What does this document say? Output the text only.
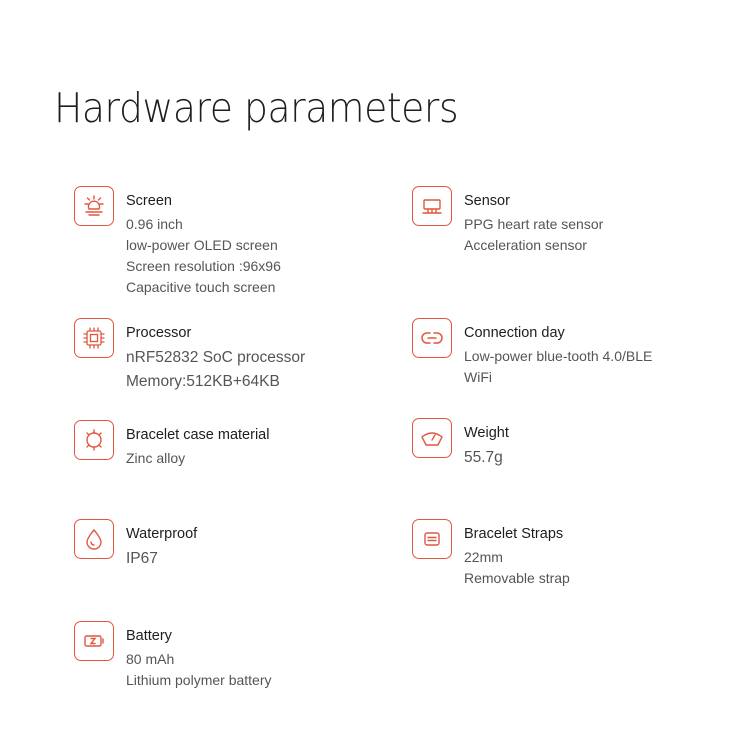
Hardware parameters
Screen
0.96 inch
low-power OLED screen
Screen resolution :96x96
Capacitive touch screen
Sensor
PPG heart rate sensor
Acceleration sensor
Processor
nRF52832 SoC processor
Memory:512KB+64KB
Connection day
Low-power blue-tooth 4.0/BLE
WiFi
Bracelet case material
Zinc alloy
Weight
55.7g
Waterproof
IP67
Bracelet Straps
22mm
Removable strap
Battery
80 mAh
Lithium polymer battery
